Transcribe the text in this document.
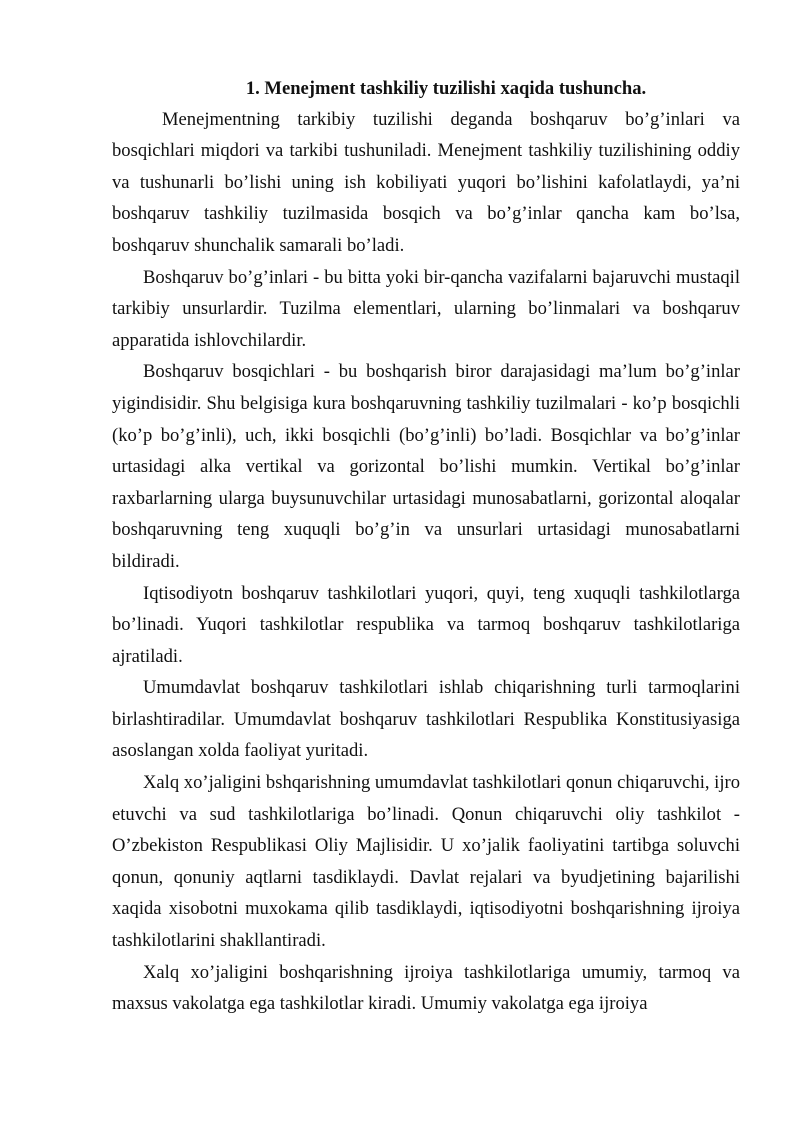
1. Menejment tashkiliy tuzilishi xaqida tushuncha.

Menejmentning tarkibiy tuzilishi deganda boshqaruv bo’g’inlari va bosqichlari miqdori va tarkibi tushuniladi. Menejment tashkiliy tuzilishining oddiy va tushunarli bo’lishi uning ish kobiliyati yuqori bo’lishini kafolatlaydi, ya’ni boshqaruv tashkiliy tuzilmasida bosqich va bo’g’inlar qancha kam bo’lsa, boshqaruv shunchalik samarali bo’ladi.

Boshqaruv bo’g’inlari - bu bitta yoki bir-qancha vazifalarni bajaruvchi mustaqil tarkibiy unsurlardir. Tuzilma elementlari, ularning bo’linmalari va boshqaruv apparatida ishlovchilardir.

Boshqaruv bosqichlari - bu boshqarish biror darajasidagi ma’lum bo’g’inlar yigindisidir. Shu belgisiga kura boshqaruvning tashkiliy tuzilmalari - ko’p bosqichli (ko’p bo’g’inli), uch, ikki bosqichli (bo’g’inli) bo’ladi. Bosqichlar va bo’g’inlar urtasidagi alka vertikal va gorizontal bo’lishi mumkin. Vertikal bo’g’inlar raxbarlarning ularga buysunuvchilar urtasidagi munosabatlarni, gorizontal aloqalar boshqaruvning teng xuquqli bo’g’in va unsurlari urtasidagi munosabatlarni bildiradi.

Iqtisodiyotn boshqaruv tashkilotlari yuqori, quyi, teng xuquqli tashkilotlarga bo’linadi. Yuqori tashkilotlar respublika va tarmoq boshqaruv tashkilotlariga ajratiladi.

Umumdavlat boshqaruv tashkilotlari ishlab chiqarishning turli tarmoqlarini birlashtiradilar. Umumdavlat boshqaruv tashkilotlari Respublika Konstitusiyasiga asoslangan xolda faoliyat yuritadi.

Xalq xo’jaligini bshqarishning umumdavlat tashkilotlari qonun chiqaruvchi, ijro etuvchi va sud tashkilotlariga bo’linadi. Qonun chiqaruvchi oliy tashkilot - O’zbekiston Respublikasi Oliy Majlisidir. U xo’jalik faoliyatini tartibga soluvchi qonun, qonuniy aqtlarni tasdiklaydi. Davlat rejalari va byudjetining bajarilishi xaqida xisobotni muxokama qilib tasdiklaydi, iqtisodiyotni boshqarishning ijroiya tashkilotlarini shakllantiradi.

Xalq xo’jaligini boshqarishning ijroiya tashkilotlariga umumiy, tarmoq va maxsus vakolatga ega tashkilotlar kiradi. Umumiy vakolatga ega ijroiya
